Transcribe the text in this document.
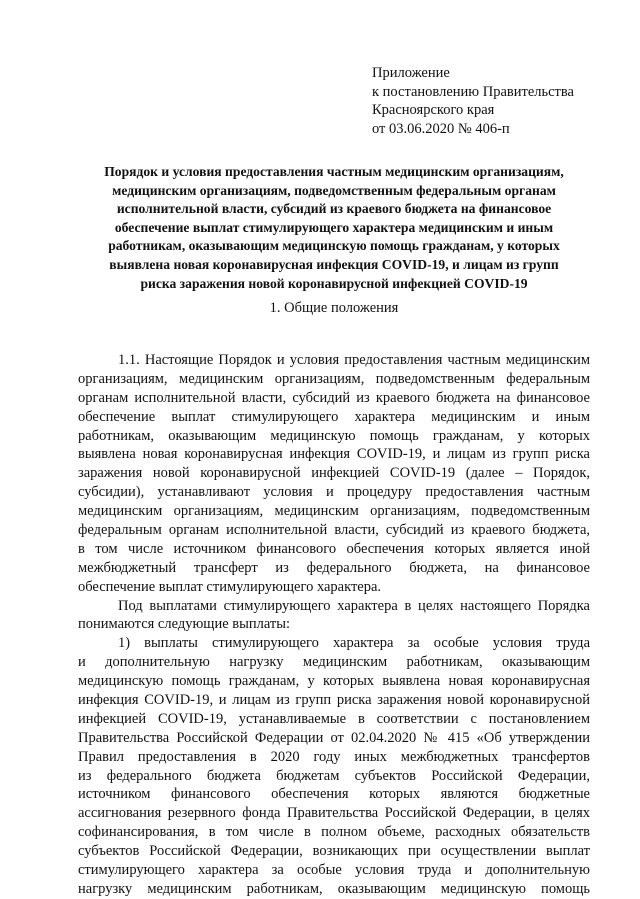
Приложение
к постановлению Правительства
Красноярского края
от 03.06.2020 № 406-п
Порядок и условия предоставления частным медицинским организациям,
медицинским организациям, подведомственным федеральным органам
исполнительной власти, субсидий из краевого бюджета на финансовое
обеспечение выплат стимулирующего характера медицинским и иным
работникам, оказывающим медицинскую помощь гражданам, у которых
выявлена новая коронавирусная инфекция COVID-19, и лицам из групп
риска заражения новой коронавирусной инфекцией COVID-19
1. Общие положения
1.1. Настоящие Порядок и условия предоставления частным медицинским
организациям, медицинским организациям, подведомственным федеральным
органам исполнительной власти, субсидий из краевого бюджета на финансовое
обеспечение выплат стимулирующего характера медицинским и иным
работникам, оказывающим медицинскую помощь гражданам, у которых
выявлена новая коронавирусная инфекция COVID-19, и лицам из групп риска
заражения новой коронавирусной инфекцией COVID-19 (далее – Порядок,
субсидии), устанавливают условия и процедуру предоставления частным
медицинским организациям, медицинским организациям, подведомственным
федеральным органам исполнительной власти, субсидий из краевого бюджета,
в том числе источником финансового обеспечения которых является иной
межбюджетный трансферт из федерального бюджета, на финансовое
обеспечение выплат стимулирующего характера.
Под выплатами стимулирующего характера в целях настоящего Порядка
понимаются следующие выплаты:
1) выплаты стимулирующего характера за особые условия труда
и дополнительную нагрузку медицинским работникам, оказывающим
медицинскую помощь гражданам, у которых выявлена новая коронавирусная
инфекция COVID-19, и лицам из групп риска заражения новой коронавирусной
инфекцией COVID-19, устанавливаемые в соответствии с постановлением
Правительства Российской Федерации от 02.04.2020 № 415 «Об утверждении
Правил предоставления в 2020 году иных межбюджетных трансфертов
из федерального бюджета бюджетам субъектов Российской Федерации,
источником финансового обеспечения которых являются бюджетные
ассигнования резервного фонда Правительства Российской Федерации, в целях
софинансирования, в том числе в полном объеме, расходных обязательств
субъектов Российской Федерации, возникающих при осуществлении выплат
стимулирующего характера за особые условия труда и дополнительную
нагрузку медицинским работникам, оказывающим медицинскую помощь
